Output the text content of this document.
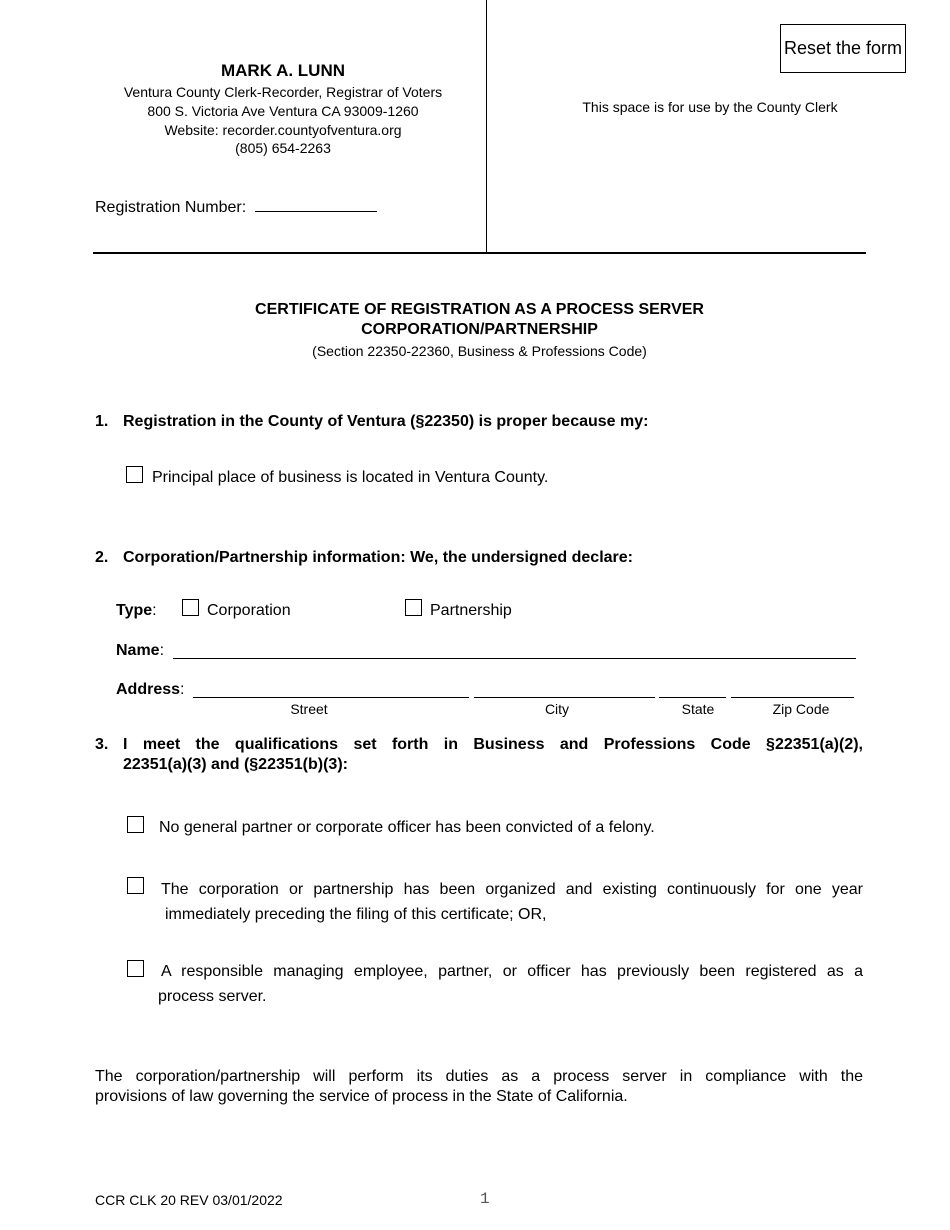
MARK A. LUNN
Ventura County Clerk-Recorder, Registrar of Voters
800 S. Victoria Ave Ventura CA 93009-1260
Website: recorder.countyofventura.org
(805) 654-2263
Registration Number:
Reset the form
This space is for use by the County Clerk
CERTIFICATE OF REGISTRATION AS A PROCESS SERVER
CORPORATION/PARTNERSHIP
(Section 22350-22360, Business & Professions Code)
1. Registration in the County of Ventura (§22350) is proper because my:
Principal place of business is located in Ventura County.
2. Corporation/Partnership information: We, the undersigned declare:
Type:	Corporation	Partnership
Name:
Address:
Street	City	State	Zip Code
3. I meet the qualifications set forth in Business and Professions Code §22351(a)(2),
22351(a)(3) and (§22351(b)(3):
No general partner or corporate officer has been convicted of a felony.
The corporation or partnership has been organized and existing continuously for one year
immediately preceding the filing of this certificate; OR,
A responsible managing employee, partner, or officer has previously been registered as a
process server.
The corporation/partnership will perform its duties as a process server in compliance with the
provisions of law governing the service of process in the State of California.
CCR CLK 20 REV 03/01/2022	1
